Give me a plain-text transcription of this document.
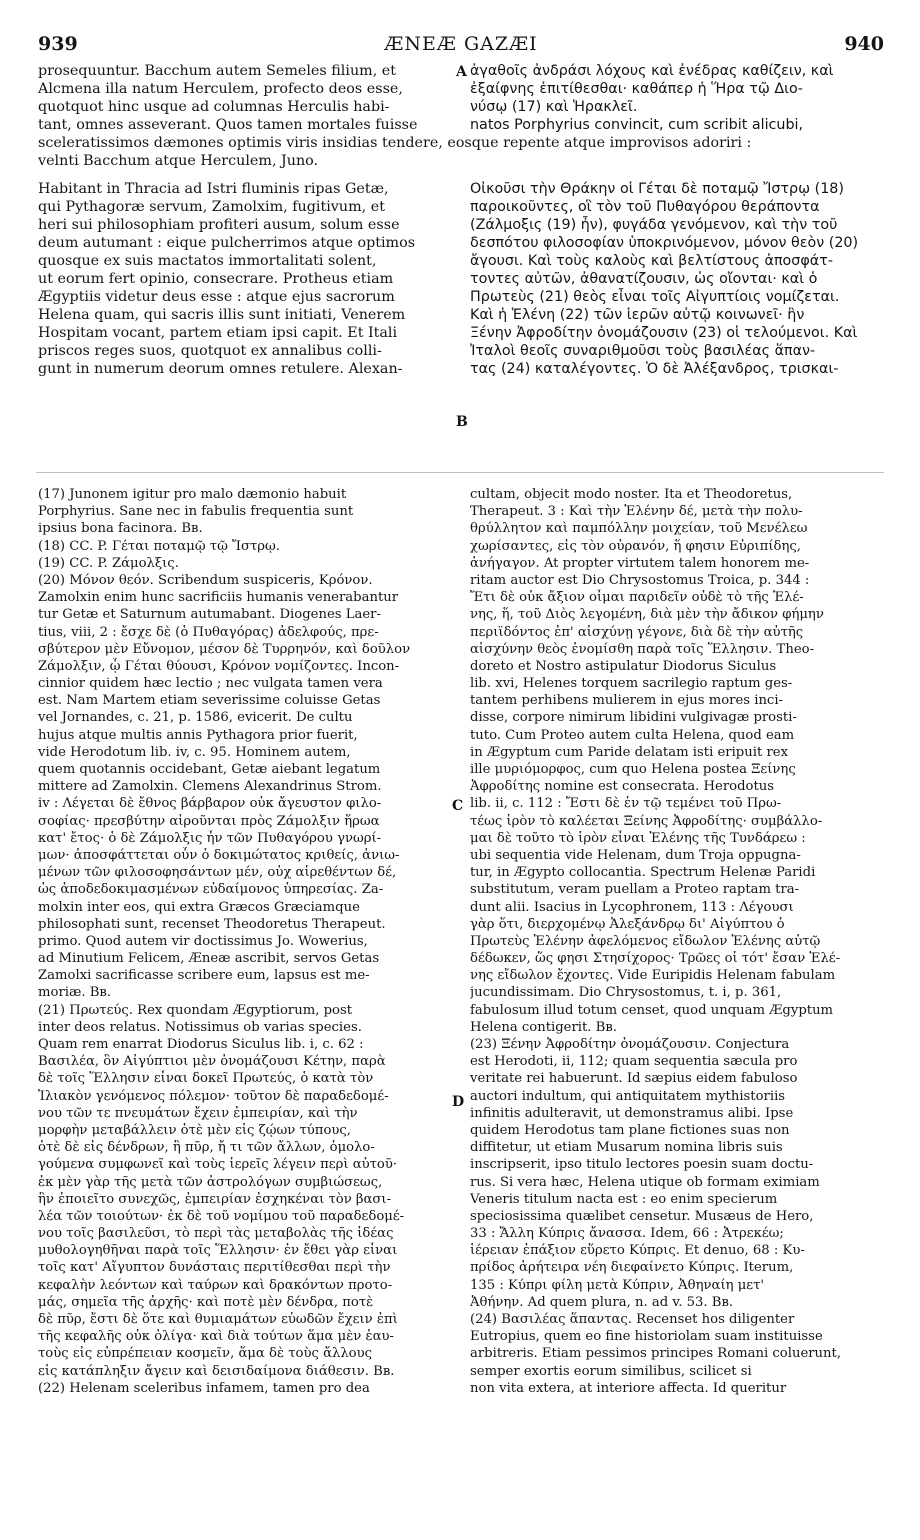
939	ÆNEÆ GAZÆI	940
prosequuntur. Bacchum autem Semeles filium, et
Alcmena illa natum Herculem, profecto deos esse,
quotquot hinc usque ad columnas Herculis habi-
tant, omnes asseverant. Quos tamen mortales fuisse
ἀγαθοῖς ἀνδράσι λόχους καὶ ἐνέδρας καθίζειν, καὶ
ἐξαίφνης ἐπιτίθεσθαι· καθάπερ ἡ Ἥρα τῷ Διο-
νύσῳ (17) καὶ Ἡρακλεῖ.
natos Porphyrius convincit, cum scribit alicubi,
sceleratissimos dæmones optimis viris insidias tendere, eosque repente atque improvisos adoriri :
velnti Bacchum atque Herculem, Juno.
Habitant in Thracia ad Istri fluminis ripas Getæ,
qui Pythagoræ servum, Zamolxim, fugitivum, et
heri sui philosophiam profiteri ausum, solum esse
deum autumant : eique pulcherrimos atque optimos
quosque ex suis mactatos immortalitati solent,
ut eorum fert opinio, consecrare. Protheus etiam
Ægyptiis videtur deus esse : atque ejus sacrorum
Helena quam, qui sacris illis sunt initiati, Venerem
Hospitam vocant, partem etiam ipsi capit. Et Itali
priscos reges suos, quotquot ex annalibus colli-
gunt in numerum deorum omnes retulere. Alexan-
Οἰκοῦσι τὴν Θράκην οἱ Γέται δὲ ποταμῷ Ἴστρῳ (18)
παροικοῦντες, οἳ τὸν τοῦ Πυθαγόρου θεράποντα
(Ζάλμοξις (19) ἦν), φυγάδα γενόμενον, καὶ τὴν τοῦ
δεσπότου φιλοσοφίαν ὑποκρινόμενον, μόνον θεὸν (20)
ἄγουσι. Καὶ τοὺς καλοὺς καὶ βελτίστους ἀποσφάτ-
τοντες αὐτῶν, ἀθανατίζουσιν, ὡς οἴονται· καὶ ὁ
Πρωτεὺς (21) θεὸς εἶναι τοῖς Αἰγυπτίοις νομίζεται.
Καὶ ἡ Ἑλένη (22) τῶν ἱερῶν αὐτῷ κοινωνεῖ· ἣν
Ξένην Ἀφροδίτην ὀνομάζουσιν (23) οἱ τελούμενοι. Καὶ
Ἰταλοὶ θεοῖς συναριθμοῦσι τοὺς βασιλέας ἅπαν-
τας (24) καταλέγοντες. Ὁ δὲ Ἀλέξανδρος, τρισκαι-
A
B
C
D
(17) Junonem igitur pro malo dæmonio habuit
Porphyrius. Sane nec in fabulis frequentia sunt
ipsius bona facinora. Bʙ.
(18) CC. P. Γέται ποταμῷ τῷ Ἴστρῳ.
(19) CC. P. Ζάμολξις.
(20) Μόνον θεόν. Scribendum suspiceris, Κρόνον.
Zamolxin enim hunc sacrificiis humanis venerabantur
tur Getæ et Saturnum autumabant. Diogenes Laer-
tius, viii, 2 : ἔσχε δὲ (ὁ Πυθαγόρας) ἀδελφούς, πρε-
σβύτερον μὲν Εὔνομον, μέσον δὲ Τυρρηνόν, καὶ δοῦλον
Ζάμολξιν, ᾧ Γέται θύουσι, Κρόνον νομίζοντες. Incon-
cinnior quidem hæc lectio ; nec vulgata tamen vera
est. Nam Martem etiam severissime coluisse Getas
vel Jornandes, c. 21, p. 1586, evicerit. De cultu
hujus atque multis annis Pythagora prior fuerit,
vide Herodotum lib. iv, c. 95. Hominem autem,
quem quotannis occidebant, Getæ aiebant legatum
mittere ad Zamolxin. Clemens Alexandrinus Strom.
iv : Λέγεται δὲ ἔθνος βάρβαρον οὐκ ἄγευστον φιλο-
σοφίας· πρεσβύτην αἱροῦνται πρὸς Ζάμολξιν ἥρωα
κατ' ἔτος· ὁ δὲ Ζάμολξις ἦν τῶν Πυθαγόρου γνωρί-
μων· ἀποσφάττεται οὖν ὁ δοκιμώτατος κριθείς, ἀνιω-
μένων τῶν φιλοσοφησάντων μέν, οὐχ αἱρεθέντων δέ,
ὡς ἀποδεδοκιμασμένων εὐδαίμονος ὑπηρεσίας. Za-
molxin inter eos, qui extra Græcos Græciamque
philosophati sunt, recenset Theodoretus Therapeut.
primo. Quod autem vir doctissimus Jo. Wowerius,
ad Minutium Felicem, Æneæ ascribit, servos Getas
Zamolxi sacrificasse scribere eum, lapsus est me-
moriæ. Bʙ.
(21) Πρωτεύς. Rex quondam Ægyptiorum, post
inter deos relatus. Notissimus ob varias species.
Quam rem enarrat Diodorus Siculus lib. i, c. 62 :
Βασιλέα, ὃν Αἰγύπτιοι μὲν ὀνομάζουσι Κέτην, παρὰ
δὲ τοῖς Ἕλλησιν εἶναι δοκεῖ Πρωτεύς, ὁ κατὰ τὸν
Ἰλιακὸν γενόμενος πόλεμον· τοῦτον δὲ παραδεδομέ-
νου τῶν τε πνευμάτων ἔχειν ἐμπειρίαν, καὶ τὴν
μορφὴν μεταβάλλειν ὁτὲ μὲν εἰς ζῴων τύπους,
ὁτὲ δὲ εἰς δένδρων, ἢ πῦρ, ἤ τι τῶν ἄλλων, ὁμολο-
γούμενα συμφωνεῖ καὶ τοὺς ἱερεῖς λέγειν περὶ αὐτοῦ·
ἐκ μὲν γὰρ τῆς μετὰ τῶν ἀστρολόγων συμβιώσεως,
ἣν ἐποιεῖτο συνεχῶς, ἐμπειρίαν ἐσχηκέναι τὸν βασι-
λέα τῶν τοιούτων· ἐκ δὲ τοῦ νομίμου τοῦ παραδεδομέ-
νου τοῖς βασιλεῦσι, τὸ περὶ τὰς μεταβολὰς τῆς ἰδέας
μυθολογηθῆναι παρὰ τοῖς Ἕλλησιν· ἐν ἔθει γὰρ εἶναι
τοῖς κατ' Αἴγυπτον δυνάσταις περιτίθεσθαι περὶ τὴν
κεφαλὴν λεόντων καὶ ταύρων καὶ δρακόντων προτο-
μάς, σημεῖα τῆς ἀρχῆς· καὶ ποτὲ μὲν δένδρα, ποτὲ
δὲ πῦρ, ἔστι δὲ ὅτε καὶ θυμιαμάτων εὐωδῶν ἔχειν ἐπὶ
τῆς κεφαλῆς οὐκ ὀλίγα· καὶ διὰ τούτων ἅμα μὲν ἑαυ-
τοὺς εἰς εὐπρέπειαν κοσμεῖν, ἅμα δὲ τοὺς ἄλλους
εἰς κατάπληξιν ἄγειν καὶ δεισιδαίμονα διάθεσιν. Bʙ.
(22) Helenam sceleribus infamem, tamen pro dea
cultam, objecit modo noster. Ita et Theodoretus,
Therapeut. 3 : Καὶ τὴν Ἑλένην δέ, μετὰ τὴν πολυ-
θρύλλητον καὶ παμπόλλην μοιχείαν, τοῦ Μενέλεω
χωρίσαντες, εἰς τὸν οὐρανόν, ἥ φησιν Εὐριπίδης,
ἀνήγαγον. At propter virtutem talem honorem me-
ritam auctor est Dio Chrysostomus Troica, p. 344 :
Ἔτι δὲ οὐκ ἄξιον οἶμαι παριδεῖν οὐδὲ τὸ τῆς Ἑλέ-
νης, ἥ, τοῦ Διὸς λεγομένη, διὰ μὲν τὴν ἄδικον φήμην
περιϊδόντος ἐπ' αἰσχύνῃ γέγονε, διὰ δὲ τὴν αὐτῆς
αἰσχύνην θεὸς ἐνομίσθη παρὰ τοῖς Ἕλλησιν. Theo-
doreto et Nostro astipulatur Diodorus Siculus
lib. xvi, Helenes torquem sacrilegio raptum ges-
tantem perhibens mulierem in ejus mores inci-
disse, corpore nimirum libidini vulgivagæ prosti-
tuto. Cum Proteo autem culta Helena, quod eam
in Ægyptum cum Paride delatam isti eripuit rex
ille μυριόμορφος, cum quo Helena postea Ξείνης
Ἀφροδίτης nomine est consecrata. Herodotus
lib. ii, c. 112 : Ἔστι δὲ ἐν τῷ τεμένει τοῦ Πρω-
τέως ἱρὸν τὸ καλέεται Ξείνης Ἀφροδίτης· συμβάλλο-
μαι δὲ τοῦτο τὸ ἱρὸν εἶναι Ἑλένης τῆς Τυνδάρεω :
ubi sequentia vide Helenam, dum Troja oppugna-
tur, in Ægypto collocantia. Spectrum Helenæ Paridi
substitutum, veram puellam a Proteo raptam tra-
dunt alii. Isacius in Lycophronem, 113 : Λέγουσι
γὰρ ὅτι, διερχομένῳ Ἀλεξάνδρῳ δι' Αἰγύπτου ὁ
Πρωτεὺς Ἑλένην ἀφελόμενος εἴδωλον Ἑλένης αὐτῷ
δέδωκεν, ὥς φησι Στησίχορος· Τρῶες οἱ τότ' ἔσαν Ἑλέ-
νης εἴδωλον ἔχοντες. Vide Euripidis Helenam fabulam
jucundissimam. Dio Chrysostomus, t. i, p. 361,
fabulosum illud totum censet, quod unquam Ægyptum
Helena contigerit. Bʙ.
(23) Ξένην Ἀφροδίτην ὀνομάζουσιν. Conjectura
est Herodoti, ii, 112; quam sequentia sæcula pro
veritate rei habuerunt. Id sæpius eidem fabuloso
auctori indultum, qui antiquitatem mythistoriis
infinitis adulteravit, ut demonstramus alibi. Ipse
quidem Herodotus tam plane fictiones suas non
diffitetur, ut etiam Musarum nomina libris suis
inscripserit, ipso titulo lectores poesin suam doctu-
rus. Si vera hæc, Helena utique ob formam eximiam
Veneris titulum nacta est : eo enim specierum
speciosissima quælibet censetur. Musæus de Hero,
33 : Ἄλλη Κύπρις ἄνασσα. Idem, 66 : Ἀτρεκέω;
ἱέρειαν ἐπάξιον εὕρετο Κύπρις. Et denuo, 68 : Κυ-
πρίδος ἀρήτειρα νέη διεφαίνετο Κύπρις. Iterum,
135 : Κύπρι φίλη μετὰ Κύπριν, Ἀθηναίη μετ'
Ἀθήνην. Ad quem plura, n. ad v. 53. Bʙ.
(24) Βασιλέας ἅπαντας. Recenset hos diligenter
Eutropius, quem eo fine historiolam suam instituisse
arbitreris. Etiam pessimos principes Romani coluerunt,
semper exortis eorum similibus, scilicet si
non vita extera, at interiore affecta. Id queritur
